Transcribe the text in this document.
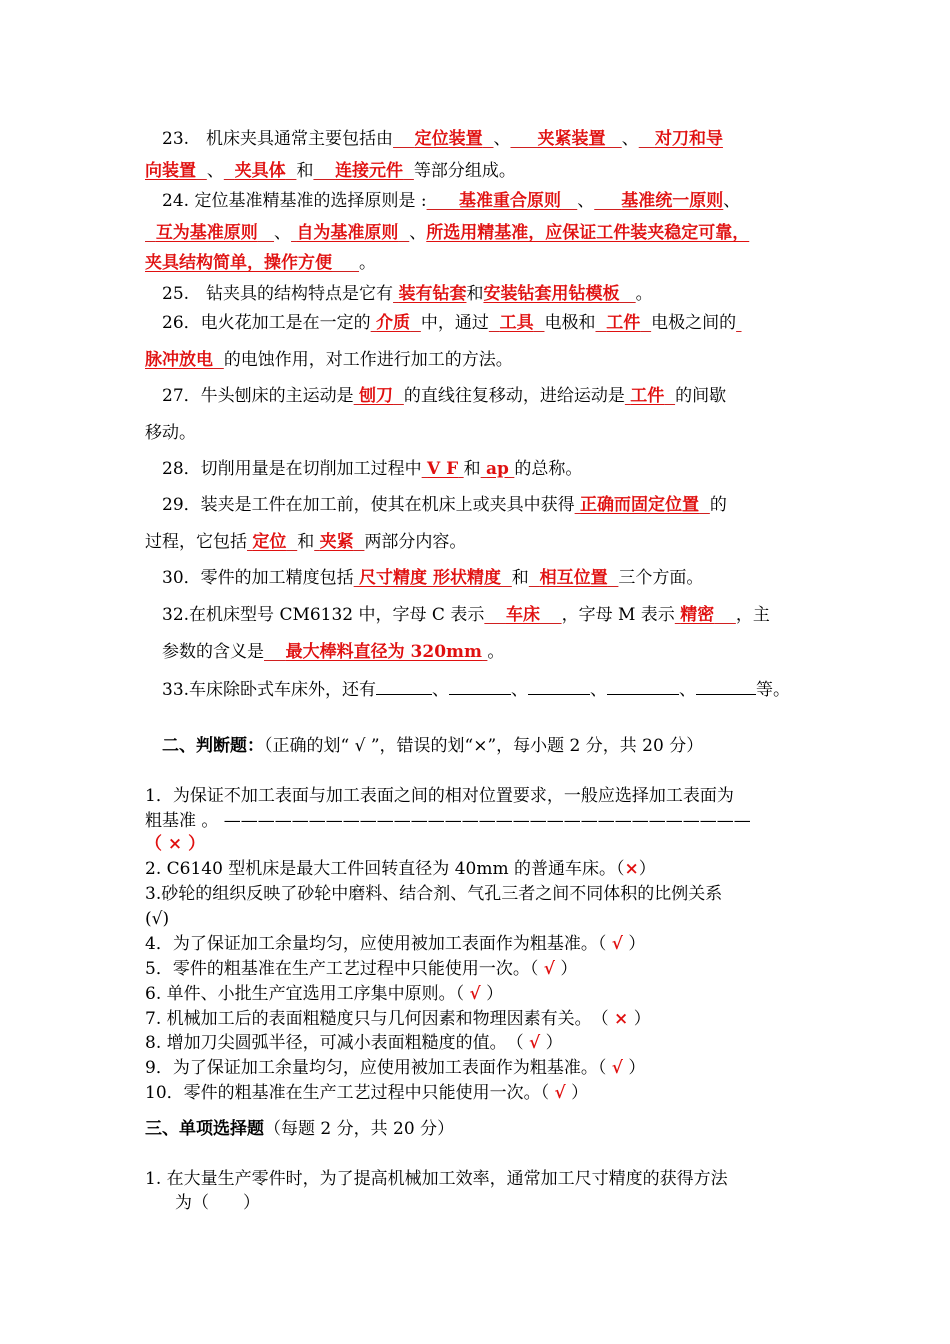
23.　机床夹具通常主要包括由 定位装置 、 夹紧装置 、 对刀和导
向装置 、 夹具体 和 连接元件 等部分组成。
24. 定位基准精基准的选择原则是 : 基准重合原则 、 基准统一原则、
互为基准原则 、 自为基准原则 、所选用精基准，应保证工件装夹稳定可靠，
夹具结构简单，操作方便 。
25.　钻夹具的结构特点是它有 装有钻套和安装钻套用钻模板 。
26．电火花加工是在一定的 介质 中，通过 工具 电极和 工件 电极之间的
脉冲放电 的电蚀作用，对工作进行加工的方法。
27．牛头刨床的主运动是 刨刀 的直线往复移动，进给运动是 工件 的间歇
移动。
28．切削用量是在切削加工过程中 V F 和 ap 的总称。
29．装夹是工件在加工前，使其在机床上或夹具中获得 正确而固定位置 的
过程，它包括 定位 和 夹紧 两部分内容。
30．零件的加工精度包括 尺寸精度 形状精度 和 相互位置 三个方面。
32.在机床型号 CM6132 中，字母 C 表示 车床 ，字母 M 表示 精密 ，主
参数的含义是 最大棒料直径为 320mm 。
33.车床除卧式车床外，还有	、	、	、	、	等。
二、判断题：（正确的划“ √ ”，错误的划“×”，每小题 2 分，共 20 分）
1．为保证不加工表面与加工表面之间的相对位置要求，一般应选择加工表面为
粗基准 。 ———————————————————————————————
（ × ）
2. C6140 型机床是最大工件回转直径为 40mm 的普通车床。（×）
3.砂轮的组织反映了砂轮中磨料、结合剂、气孔三者之间不同体积的比例关系
(√)
4．为了保证加工余量均匀，应使用被加工表面作为粗基准。（ √ ）
5．零件的粗基准在生产工艺过程中只能使用一次。（ √ ）
6. 单件、小批生产宜选用工序集中原则。（ √ ）
7. 机械加工后的表面粗糙度只与几何因素和物理因素有关。　（ × ）
8. 增加刀尖圆弧半径，可减小表面粗糙度的值。　（ √ ）
9．为了保证加工余量均匀，应使用被加工表面作为粗基准。（ √ ）
10．零件的粗基准在生产工艺过程中只能使用一次。（ √ ）
三、单项选择题（每题 2 分，共 20 分）
1. 在大量生产零件时，为了提高机械加工效率，通常加工尺寸精度的获得方法
为（　　）
